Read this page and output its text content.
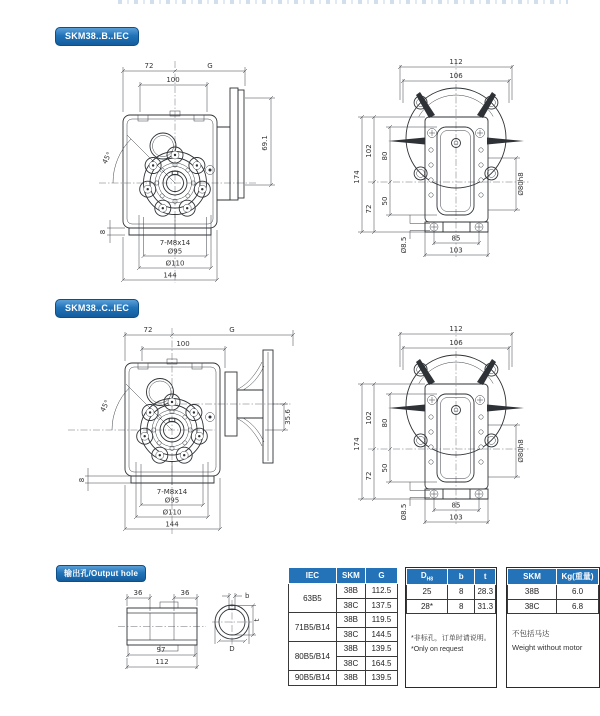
SKM38..B..IEC
72	G
100
69.1
45°
8
7-M8x14
Ø95
Ø110
144
112
106
174
102
72
80
50
Ø80h8
Ø8.5	85
103
SKM38..C..IEC
72	G
100
35.6
45°
8
7-M8x14
Ø95
Ø110
144
112
106
174
102
72
80
50
Ø80h8
Ø8.5	85
103
输出孔/Output hole
36	36
97
112
b
t
D
IEC	SKM	G
63B5	38B	112.5
	38C	137.5
71B5/B14	38B	119.5
	38C	144.5
80B5/B14	38B	139.5
	38C	164.5
90B5/B14	38B	139.5
$D_{H8}$	b	t
25	8	28.3
28*	8	31.3
*非标孔，订单时请说明。
*Only on request
SKM	Kg(重量)
38B	6.0
38C	6.8
不包括马达
Weight without motor
